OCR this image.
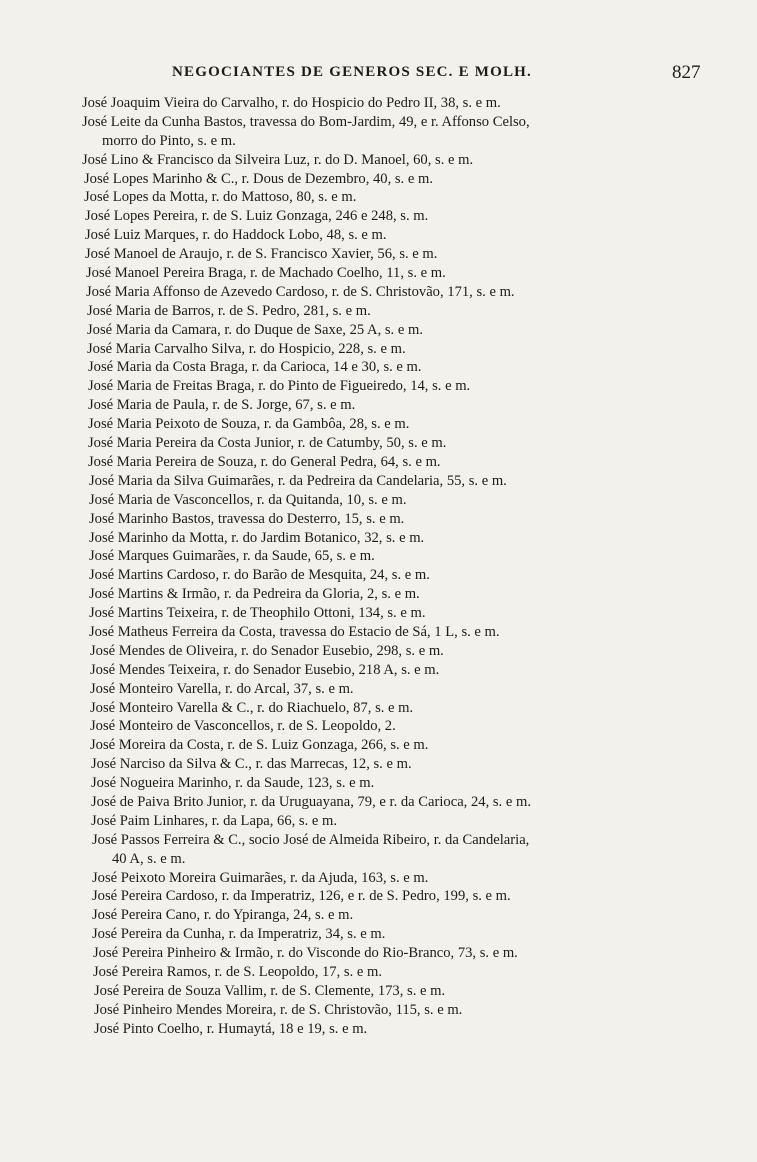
NEGOCIANTES DE GENEROS SEC. E MOLH.	827
José Joaquim Vieira do Carvalho, r. do Hospicio do Pedro II, 38, s. e m.
José Leite da Cunha Bastos, travessa do Bom-Jardim, 49, e r. Affonso Celso,
morro do Pinto, s. e m.
José Lino & Francisco da Silveira Luz, r. do D. Manoel, 60, s. e m.
José Lopes Marinho & C., r. Dous de Dezembro, 40, s. e m.
José Lopes da Motta, r. do Mattoso, 80, s. e m.
José Lopes Pereira, r. de S. Luiz Gonzaga, 246 e 248, s. m.
José Luiz Marques, r. do Haddock Lobo, 48, s. e m.
José Manoel de Araujo, r. de S. Francisco Xavier, 56, s. e m.
José Manoel Pereira Braga, r. de Machado Coelho, 11, s. e m.
José Maria Affonso de Azevedo Cardoso, r. de S. Christovão, 171, s. e m.
José Maria de Barros, r. de S. Pedro, 281, s. e m.
José Maria da Camara, r. do Duque de Saxe, 25 A, s. e m.
José Maria Carvalho Silva, r. do Hospicio, 228, s. e m.
José Maria da Costa Braga, r. da Carioca, 14 e 30, s. e m.
José Maria de Freitas Braga, r. do Pinto de Figueiredo, 14, s. e m.
José Maria de Paula, r. de S. Jorge, 67, s. e m.
José Maria Peixoto de Souza, r. da Gambôa, 28, s. e m.
José Maria Pereira da Costa Junior, r. de Catumby, 50, s. e m.
José Maria Pereira de Souza, r. do General Pedra, 64, s. e m.
José Maria da Silva Guimarães, r. da Pedreira da Candelaria, 55, s. e m.
José Maria de Vasconcellos, r. da Quitanda, 10, s. e m.
José Marinho Bastos, travessa do Desterro, 15, s. e m.
José Marinho da Motta, r. do Jardim Botanico, 32, s. e m.
José Marques Guimarães, r. da Saude, 65, s. e m.
José Martins Cardoso, r. do Barão de Mesquita, 24, s. e m.
José Martins & Irmão, r. da Pedreira da Gloria, 2, s. e m.
José Martins Teixeira, r. de Theophilo Ottoni, 134, s. e m.
José Matheus Ferreira da Costa, travessa do Estacio de Sá, 1 L, s. e m.
José Mendes de Oliveira, r. do Senador Eusebio, 298, s. e m.
José Mendes Teixeira, r. do Senador Eusebio, 218 A, s. e m.
José Monteiro Varella, r. do Arcal, 37, s. e m.
José Monteiro Varella & C., r. do Riachuelo, 87, s. e m.
José Monteiro de Vasconcellos, r. de S. Leopoldo, 2.
José Moreira da Costa, r. de S. Luiz Gonzaga, 266, s. e m.
José Narciso da Silva & C., r. das Marrecas, 12, s. e m.
José Nogueira Marinho, r. da Saude, 123, s. e m.
José de Paiva Brito Junior, r. da Uruguayana, 79, e r. da Carioca, 24, s. e m.
José Paim Linhares, r. da Lapa, 66, s. e m.
José Passos Ferreira & C., socio José de Almeida Ribeiro, r. da Candelaria,
40 A, s. e m.
José Peixoto Moreira Guimarães, r. da Ajuda, 163, s. e m.
José Pereira Cardoso, r. da Imperatriz, 126, e r. de S. Pedro, 199, s. e m.
José Pereira Cano, r. do Ypiranga, 24, s. e m.
José Pereira da Cunha, r. da Imperatriz, 34, s. e m.
José Pereira Pinheiro & Irmão, r. do Visconde do Rio-Branco, 73, s. e m.
José Pereira Ramos, r. de S. Leopoldo, 17, s. e m.
José Pereira de Souza Vallim, r. de S. Clemente, 173, s. e m.
José Pinheiro Mendes Moreira, r. de S. Christovão, 115, s. e m.
José Pinto Coelho, r. Humaytá, 18 e 19, s. e m.
